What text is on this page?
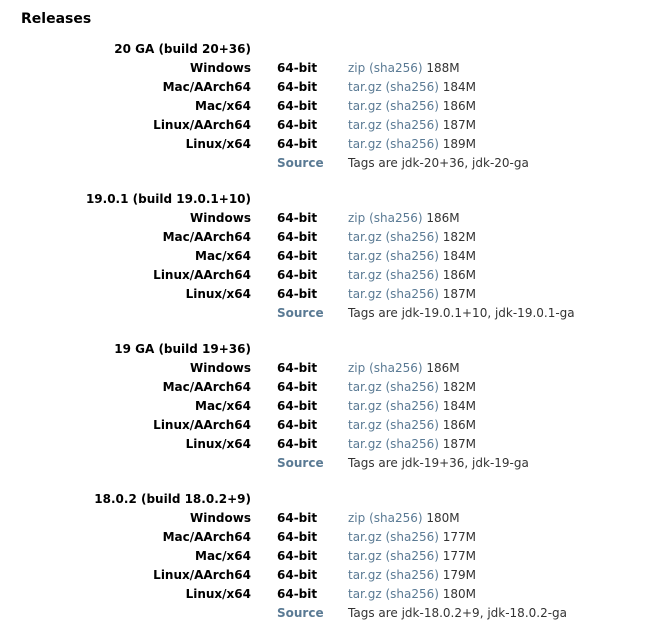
Releases
20 GA (build 20+36)
Windows 64-bit	zip (sha256) 188M
Mac/AArch64 64-bit	tar.gz (sha256) 184M
Mac/x64 64-bit	tar.gz (sha256) 186M
Linux/AArch64 64-bit	tar.gz (sha256) 187M
Linux/x64 64-bit	tar.gz (sha256) 189M
Source Tags are jdk-20+36, jdk-20-ga
19.0.1 (build 19.0.1+10)
Windows 64-bit	zip (sha256) 186M
Mac/AArch64 64-bit	tar.gz (sha256) 182M
Mac/x64 64-bit	tar.gz (sha256) 184M
Linux/AArch64 64-bit	tar.gz (sha256) 186M
Linux/x64 64-bit	tar.gz (sha256) 187M
Source Tags are jdk-19.0.1+10, jdk-19.0.1-ga
19 GA (build 19+36)
Windows 64-bit	zip (sha256) 186M
Mac/AArch64 64-bit	tar.gz (sha256) 182M
Mac/x64 64-bit	tar.gz (sha256) 184M
Linux/AArch64 64-bit	tar.gz (sha256) 186M
Linux/x64 64-bit	tar.gz (sha256) 187M
Source Tags are jdk-19+36, jdk-19-ga
18.0.2 (build 18.0.2+9)
Windows 64-bit	zip (sha256) 180M
Mac/AArch64 64-bit	tar.gz (sha256) 177M
Mac/x64 64-bit	tar.gz (sha256) 177M
Linux/AArch64 64-bit	tar.gz (sha256) 179M
Linux/x64 64-bit	tar.gz (sha256) 180M
Source Tags are jdk-18.0.2+9, jdk-18.0.2-ga
